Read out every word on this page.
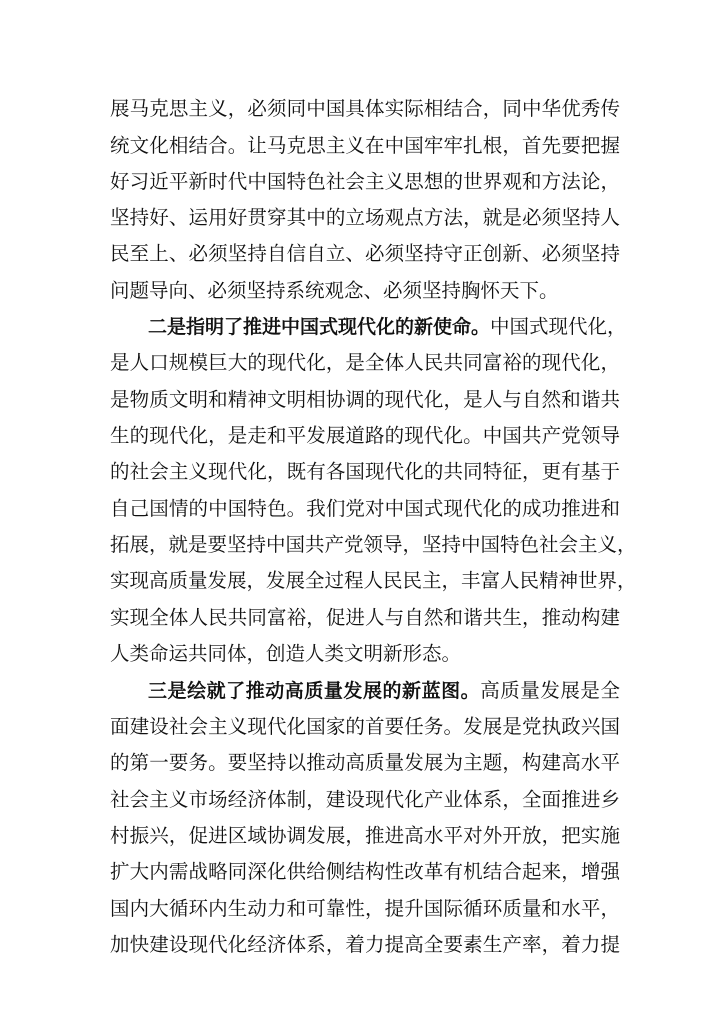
展马克思主义，必须同中国具体实际相结合，同中华优秀传
统文化相结合。让马克思主义在中国牢牢扎根，首先要把握
好习近平新时代中国特色社会主义思想的世界观和方法论，
坚持好、运用好贯穿其中的立场观点方法，就是必须坚持人
民至上、必须坚持自信自立、必须坚持守正创新、必须坚持
问题导向、必须坚持系统观念、必须坚持胸怀天下。
二是指明了推进中国式现代化的新使命。中国式现代化，
是人口规模巨大的现代化，是全体人民共同富裕的现代化，
是物质文明和精神文明相协调的现代化，是人与自然和谐共
生的现代化，是走和平发展道路的现代化。中国共产党领导
的社会主义现代化，既有各国现代化的共同特征，更有基于
自己国情的中国特色。我们党对中国式现代化的成功推进和
拓展，就是要坚持中国共产党领导，坚持中国特色社会主义，
实现高质量发展，发展全过程人民民主，丰富人民精神世界，
实现全体人民共同富裕，促进人与自然和谐共生，推动构建
人类命运共同体，创造人类文明新形态。
三是绘就了推动高质量发展的新蓝图。高质量发展是全
面建设社会主义现代化国家的首要任务。发展是党执政兴国
的第一要务。要坚持以推动高质量发展为主题，构建高水平
社会主义市场经济体制，建设现代化产业体系，全面推进乡
村振兴，促进区域协调发展，推进高水平对外开放，把实施
扩大内需战略同深化供给侧结构性改革有机结合起来，增强
国内大循环内生动力和可靠性，提升国际循环质量和水平，
加快建设现代化经济体系，着力提高全要素生产率，着力提
